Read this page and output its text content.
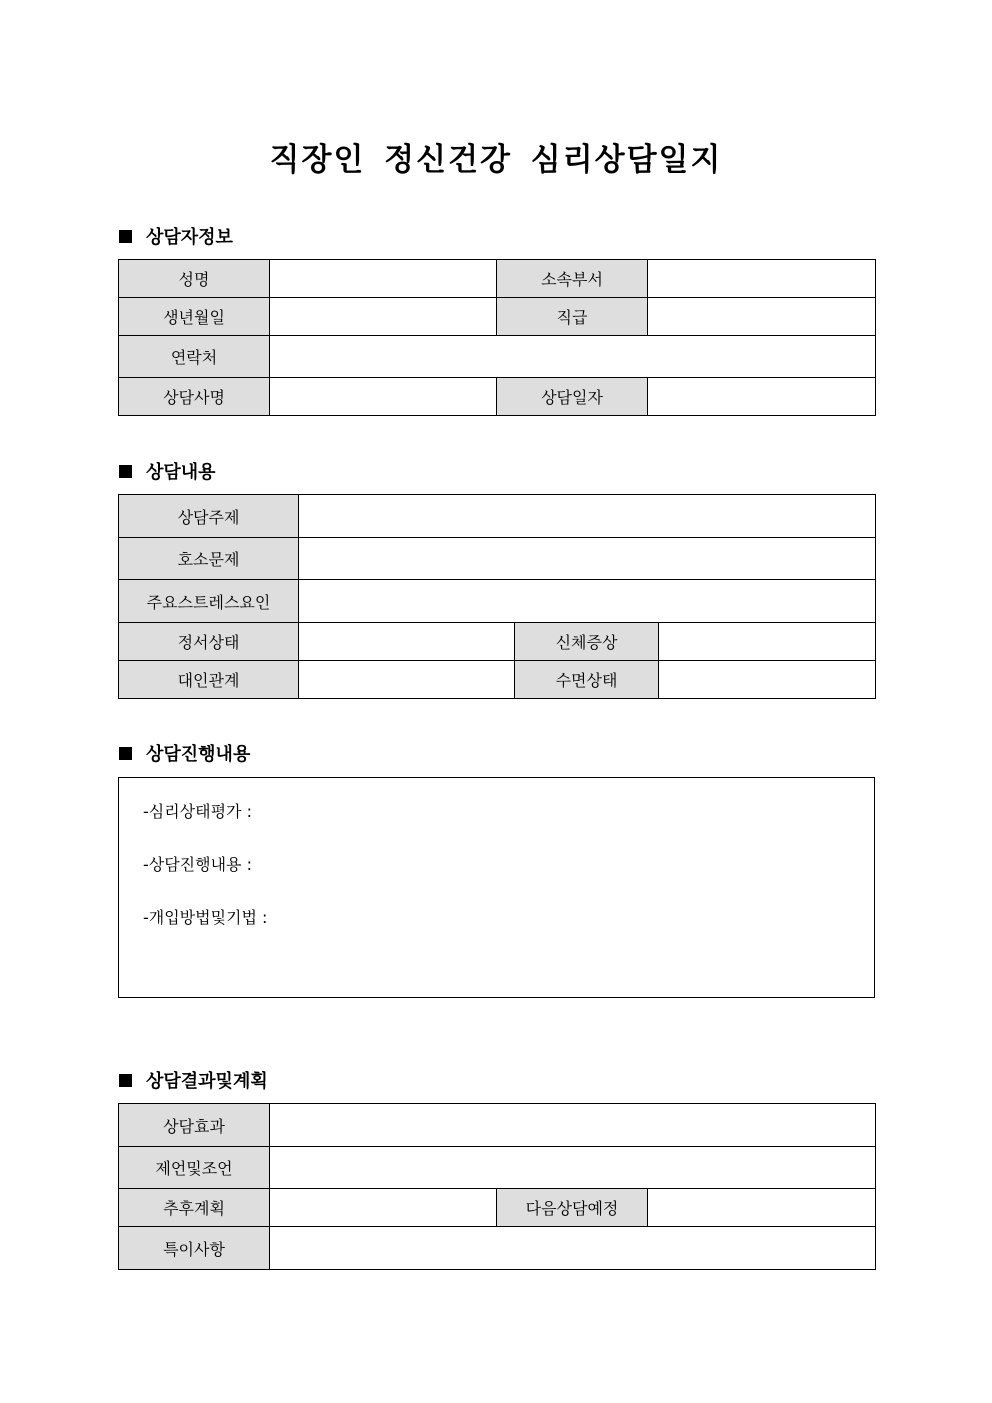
직장인 정신건강 심리상담일지
상담자정보
성명		소속부서	
생년월일		직급	
연락처			
상담사명		상담일자	
상담내용
상담주제			
호소문제			
주요스트레스요인			
정서상태		신체증상	
대인관계		수면상태	
상담진행내용
-심리상태평가 :
-상담진행내용 :
-개입방법및기법 :
상담결과및계획
상담효과			
제언및조언			
추후계획		다음상담예정	
특이사항			
